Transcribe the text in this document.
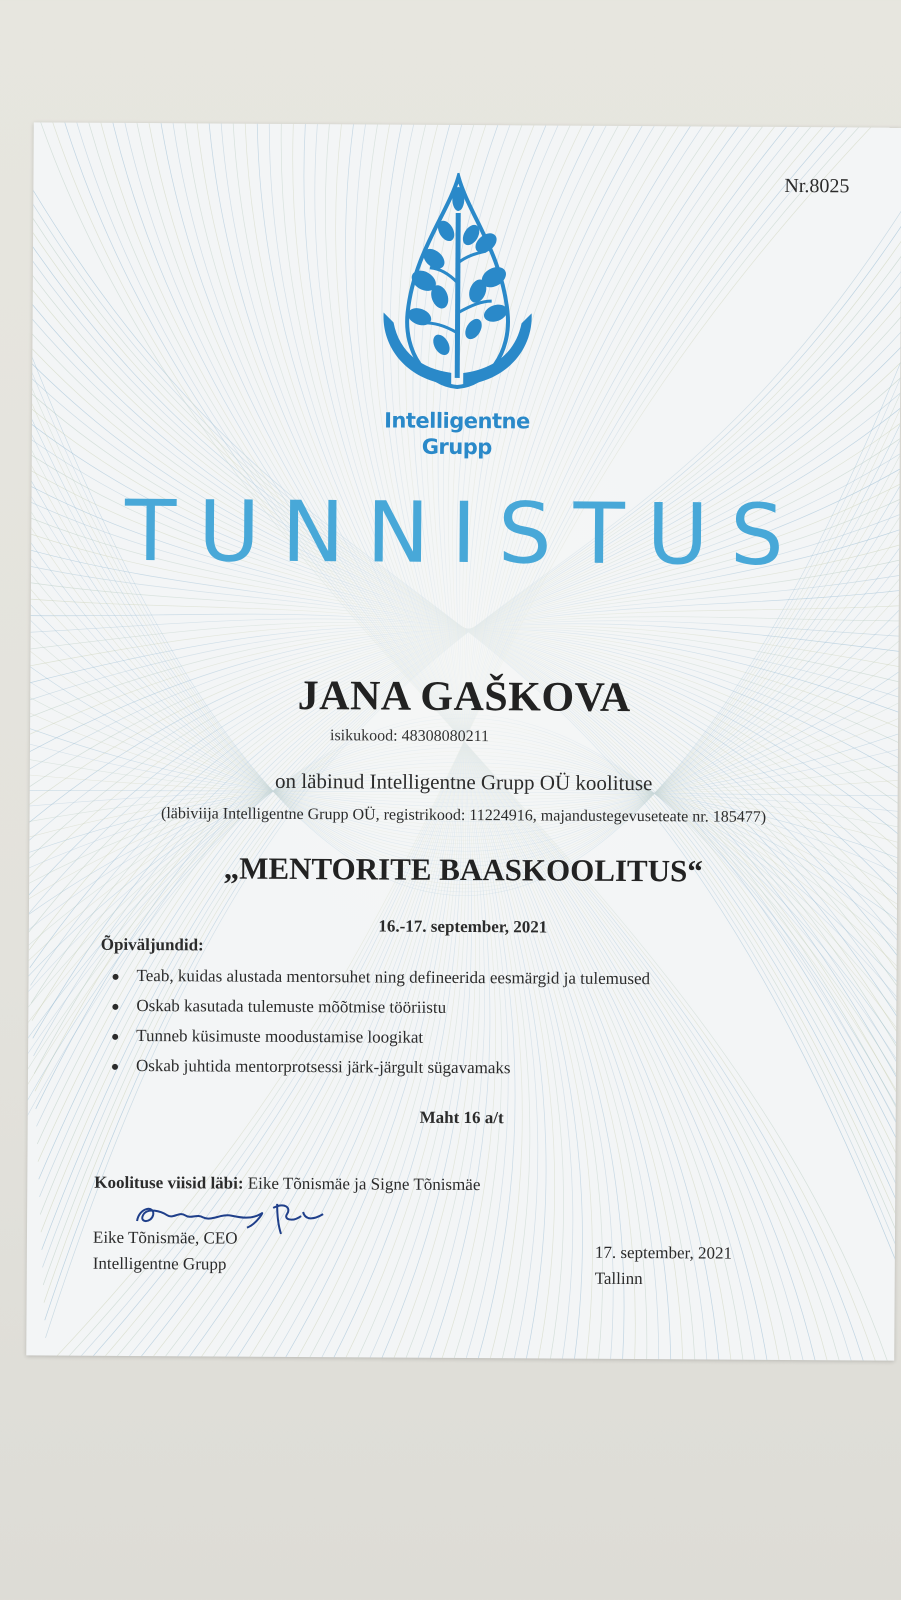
Nr.8025
Intelligentne
Grupp
TUNNISTUS
JANA GAŠKOVA
isikukood: 48308080211
on läbinud Intelligentne Grupp OÜ koolituse
(läbiviija Intelligentne Grupp OÜ, registrikood: 11224916, majandustegevuseteate nr. 185477)
„MENTORITE BAASKOOLITUS“
16.-17. september, 2021
Õpiväljundid:
Teab, kuidas alustada mentorsuhet ning defineerida eesmärgid ja tulemused
Oskab kasutada tulemuste mõõtmise tööriistu
Tunneb küsimuste moodustamise loogikat
Oskab juhtida mentorprotsessi järk-järgult sügavamaks
Maht 16 a/t
Koolituse viisid läbi: Eike Tõnismäe ja Signe Tõnismäe
Eike Tõnismäe, CEO
Intelligentne Grupp
17. september, 2021
Tallinn
